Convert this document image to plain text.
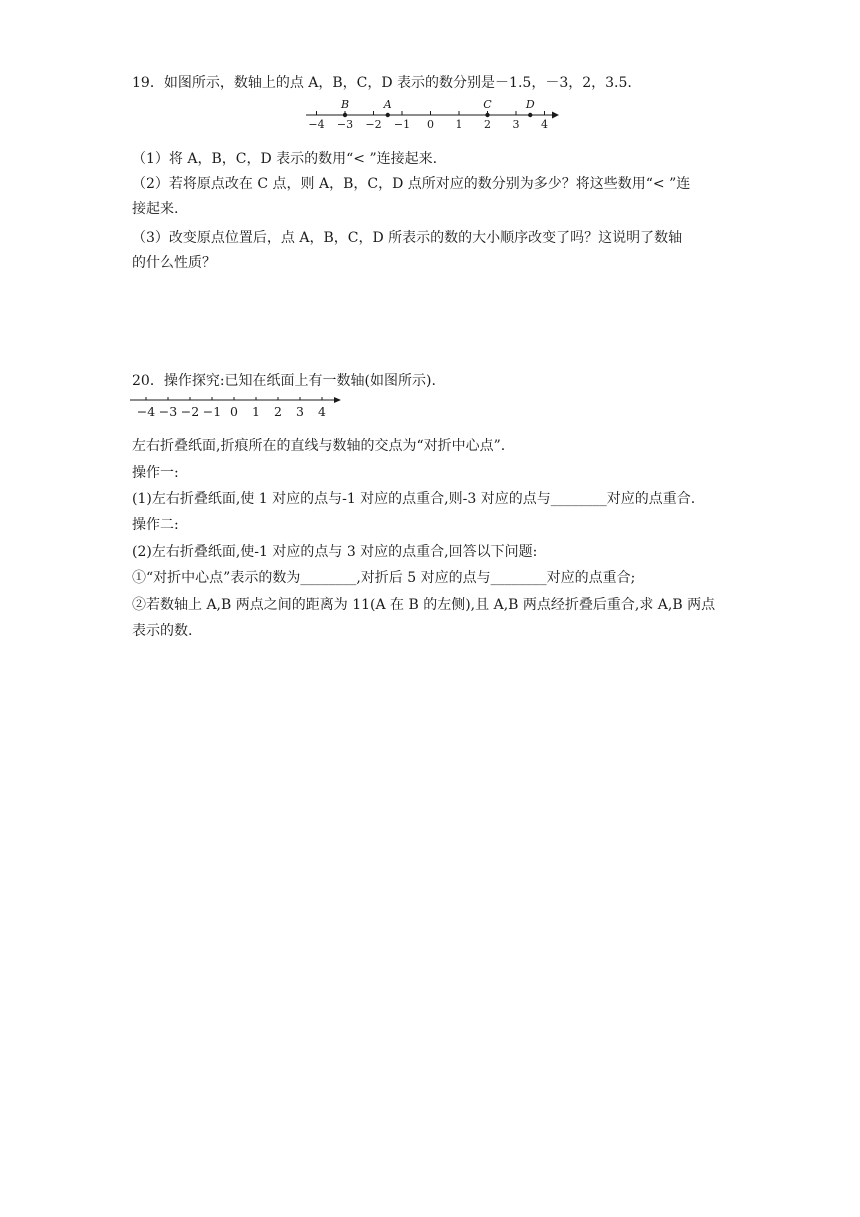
19．如图所示，数轴上的点 A，B，C，D 表示的数分别是－1.5，－3，2，3.5.
−4 −3 −2 −1 0 1 2 3 4
B	A	C	D
（1）将 A，B，C，D 表示的数用“< ”连接起来.
（2）若将原点改在 C 点，则 A，B，C，D 点所对应的数分别为多少？将这些数用“< ”连
接起来.
（3）改变原点位置后，点 A，B，C，D 所表示的数的大小顺序改变了吗？这说明了数轴
的什么性质？
20．操作探究:已知在纸面上有一数轴(如图所示).
−4 −3 −2 −1 0 1 2 3 4
左右折叠纸面,折痕所在的直线与数轴的交点为“对折中心点”.
操作一:
(1)左右折叠纸面,使 1 对应的点与-1 对应的点重合,则-3 对应的点与________对应的点重合.
操作二:
(2)左右折叠纸面,使-1 对应的点与 3 对应的点重合,回答以下问题:
①“对折中心点”表示的数为________,对折后 5 对应的点与________对应的点重合;
②若数轴上 A,B 两点之间的距离为 11(A 在 B 的左侧),且 A,B 两点经折叠后重合,求 A,B 两点
表示的数.
